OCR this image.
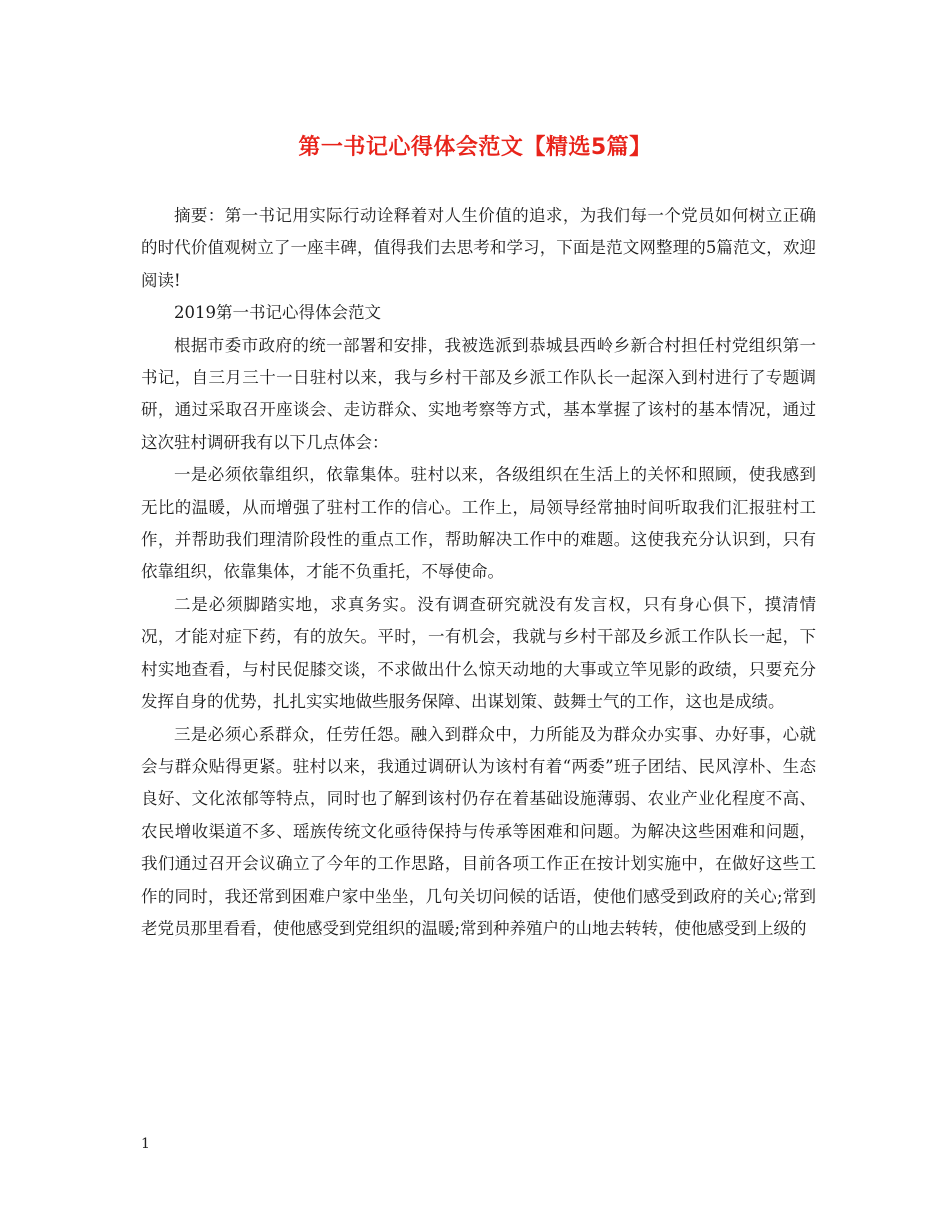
第一书记心得体会范文【精选5篇】

摘要：第一书记用实际行动诠释着对人生价值的追求，为我们每一个党员如何树立正确的时代价值观树立了一座丰碑，值得我们去思考和学习，下面是范文网整理的5篇范文，欢迎阅读!

2019第一书记心得体会范文

根据市委市政府的统一部署和安排，我被选派到恭城县西岭乡新合村担任村党组织第一书记，自三月三十一日驻村以来，我与乡村干部及乡派工作队长一起深入到村进行了专题调研，通过采取召开座谈会、走访群众、实地考察等方式，基本掌握了该村的基本情况，通过这次驻村调研我有以下几点体会：

一是必须依靠组织，依靠集体。驻村以来，各级组织在生活上的关怀和照顾，使我感到无比的温暖，从而增强了驻村工作的信心。工作上，局领导经常抽时间听取我们汇报驻村工作，并帮助我们理清阶段性的重点工作，帮助解决工作中的难题。这使我充分认识到，只有依靠组织，依靠集体，才能不负重托，不辱使命。

二是必须脚踏实地，求真务实。没有调查研究就没有发言权，只有身心俱下，摸清情况，才能对症下药，有的放矢。平时，一有机会，我就与乡村干部及乡派工作队长一起，下村实地查看，与村民促膝交谈，不求做出什么惊天动地的大事或立竿见影的政绩，只要充分发挥自身的优势，扎扎实实地做些服务保障、出谋划策、鼓舞士气的工作，这也是成绩。

三是必须心系群众，任劳任怨。融入到群众中，力所能及为群众办实事、办好事，心就会与群众贴得更紧。驻村以来，我通过调研认为该村有着“两委”班子团结、民风淳朴、生态良好、文化浓郁等特点，同时也了解到该村仍存在着基础设施薄弱、农业产业化程度不高、农民增收渠道不多、瑶族传统文化亟待保持与传承等困难和问题。为解决这些困难和问题，我们通过召开会议确立了今年的工作思路，目前各项工作正在按计划实施中，在做好这些工作的同时，我还常到困难户家中坐坐，几句关切问候的话语，使他们感受到政府的关心;常到老党员那里看看，使他感受到党组织的温暖;常到种养殖户的山地去转转，使他感受到上级的

1
